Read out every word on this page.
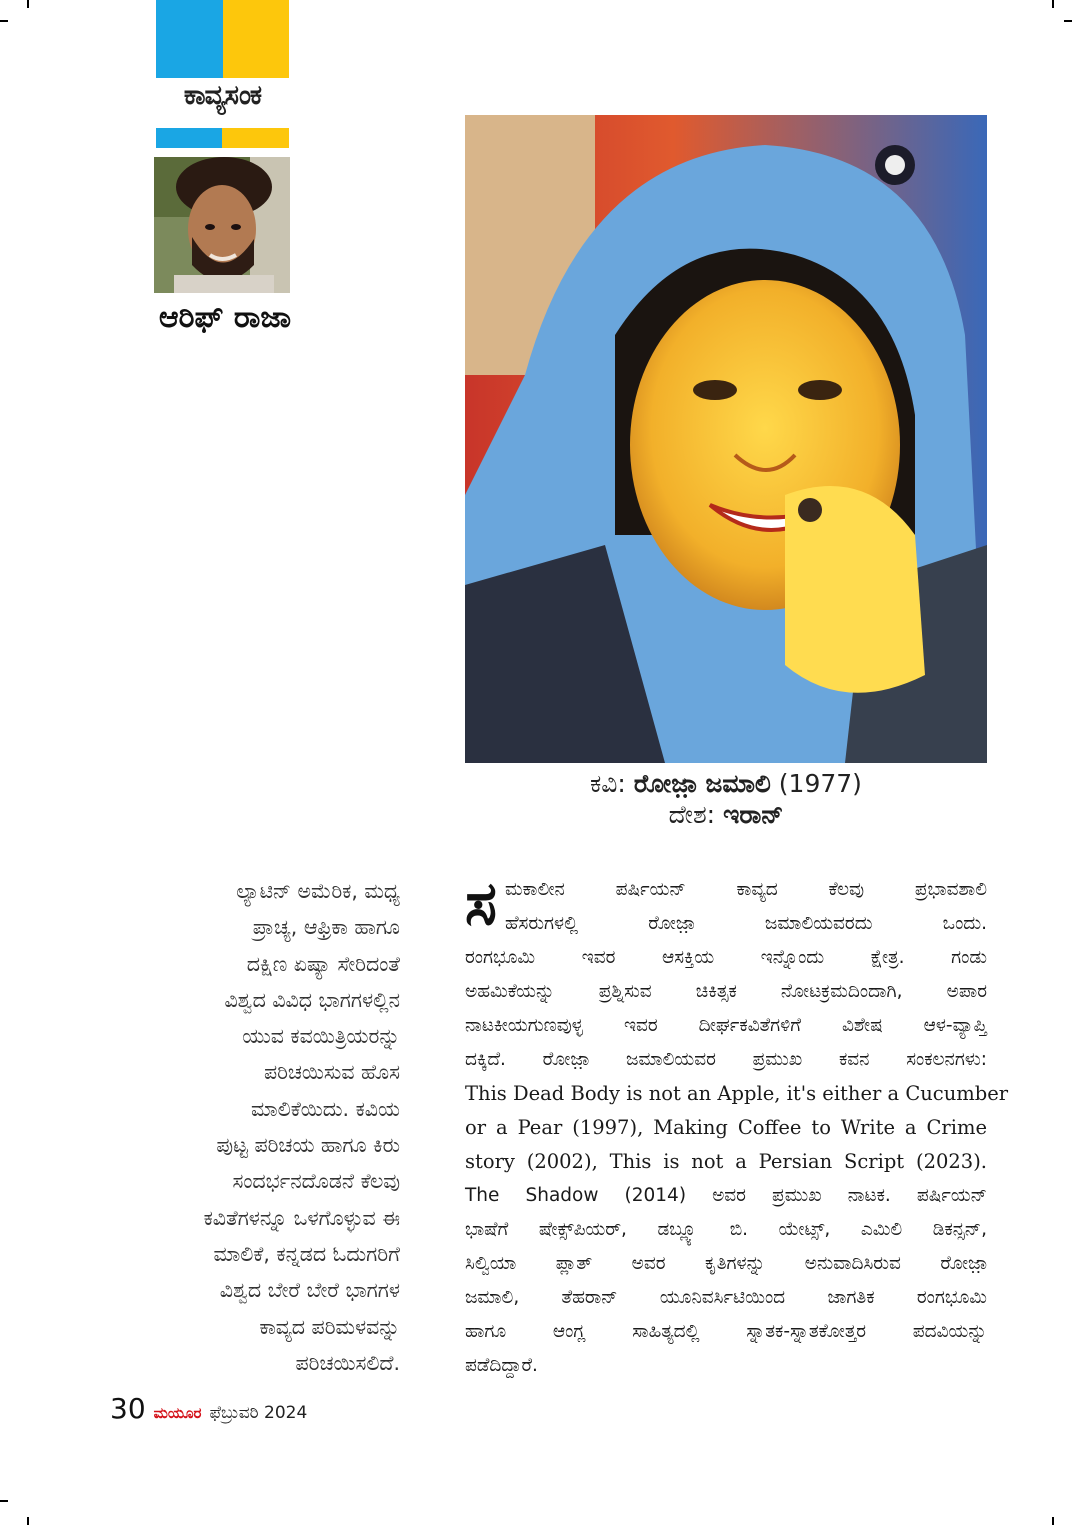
ಕಾವ್ಯಸಂಕ
ಆರಿಫ್ ರಾಜಾ
ಕವಿ: ರೋಜ಼ಾ ಜಮಾಲಿ (1977)
ದೇಶ: ಇರಾನ್
ಲ್ಯಾಟಿನ್ ಅಮೆರಿಕ, ಮಧ್ಯ
ಪ್ರಾಚ್ಯ, ಆಫ್ರಿಕಾ ಹಾಗೂ
ದಕ್ಷಿಣ ಏಷ್ಯಾ ಸೇರಿದಂತೆ
ವಿಶ್ವದ ವಿವಿಧ ಭಾಗಗಳಲ್ಲಿನ
ಯುವ ಕವಯಿತ್ರಿಯರನ್ನು
ಪರಿಚಯಿಸುವ ಹೊಸ
ಮಾಲಿಕೆಯಿದು. ಕವಿಯ
ಪುಟ್ಟ ಪರಿಚಯ ಹಾಗೂ ಕಿರು
ಸಂದರ್ಭನದೊಡನೆ ಕೆಲವು
ಕವಿತೆಗಳನ್ನೂ ಒಳಗೊಳ್ಳುವ ಈ
ಮಾಲಿಕೆ, ಕನ್ನಡದ ಓದುಗರಿಗೆ
ವಿಶ್ವದ ಬೇರೆ ಬೇರೆ ಭಾಗಗಳ
ಕಾವ್ಯದ ಪರಿಮಳವನ್ನು
ಪರಿಚಯಿಸಲಿದೆ.
ಸ ಮಕಾಲೀನ ಪರ್ಷಿಯನ್ ಕಾವ್ಯದ ಕೆಲವು ಪ್ರಭಾವಶಾಲಿ
ಹೆಸರುಗಳಲ್ಲಿ ರೋಜ಼ಾ ಜಮಾಲಿಯವರದು ಒಂದು.
ರಂಗಭೂಮಿ ಇವರ ಆಸಕ್ತಿಯ ಇನ್ನೊಂದು ಕ್ಷೇತ್ರ. ಗಂಡು
ಅಹಮಿಕೆಯನ್ನು ಪ್ರಶ್ನಿಸುವ ಚಿಕಿತ್ಸಕ ನೋಟಕ್ರಮದಿಂದಾಗಿ, ಅಪಾರ
ನಾಟಕೀಯಗುಣವುಳ್ಳ ಇವರ ದೀರ್ಘಕವಿತೆಗಳಿಗೆ ವಿಶೇಷ ಆಳ-ವ್ಯಾಪ್ತಿ
ದಕ್ಕಿದೆ. ರೋಜ಼ಾ ಜಮಾಲಿಯವರ ಪ್ರಮುಖ ಕವನ ಸಂಕಲನಗಳು:
This Dead Body is not an Apple, it's either a Cucumber
or a Pear (1997), Making Coffee to Write a Crime
story (2002), This is not a Persian Script (2023).
The Shadow (2014) ಅವರ ಪ್ರಮುಖ ನಾಟಕ. ಪರ್ಷಿಯನ್
ಭಾಷೆಗೆ ಷೇಕ್ಸ್‌ಪಿಯರ್, ಡಬ್ಲ್ಯೂ ಬಿ. ಯೇಟ್ಸ್, ಎಮಿಲಿ ಡಿಕನ್ಸನ್,
ಸಿಲ್ವಿಯಾ ಪ್ಲಾತ್ ಅವರ ಕೃತಿಗಳನ್ನು ಅನುವಾದಿಸಿರುವ ರೋಜ಼ಾ
ಜಮಾಲಿ, ತೆಹರಾನ್ ಯೂನಿವರ್ಸಿಟಿಯಿಂದ ಜಾಗತಿಕ ರಂಗಭೂಮಿ
ಹಾಗೂ ಆಂಗ್ಲ ಸಾಹಿತ್ಯದಲ್ಲಿ ಸ್ನಾತಕ-ಸ್ನಾತಕೋತ್ತರ ಪದವಿಯನ್ನು
ಪಡೆದಿದ್ದಾರೆ.
30 ಮಯೂರ ಫೆಬ್ರುವರಿ 2024
